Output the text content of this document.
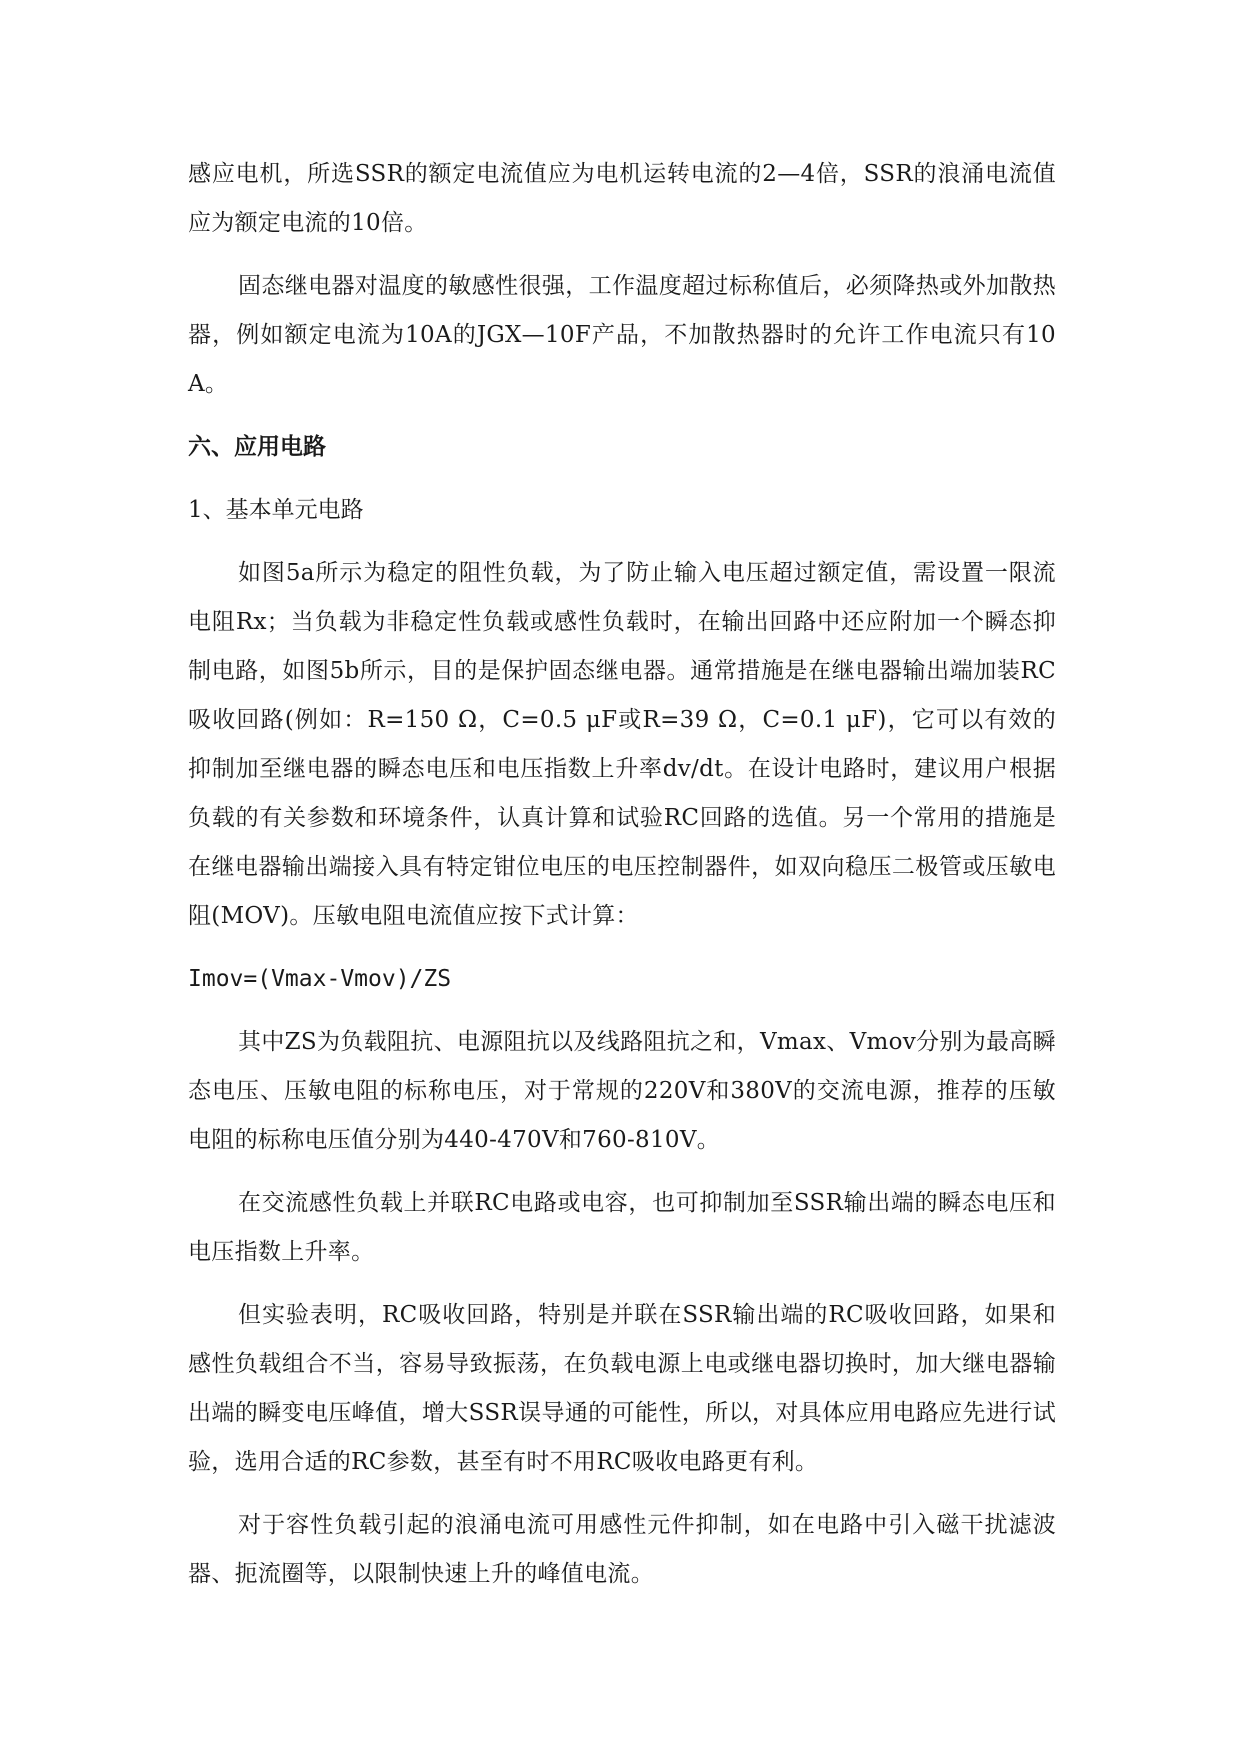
感应电机，所选SSR的额定电流值应为电机运转电流的2—4倍，SSR的浪涌电流值应为额定电流的10倍。

固态继电器对温度的敏感性很强，工作温度超过标称值后，必须降热或外加散热器，例如额定电流为10A的JGX—10F产品，不加散热器时的允许工作电流只有10A。

六、应用电路

1、基本单元电路

如图5a所示为稳定的阻性负载，为了防止输入电压超过额定值，需设置一限流电阻Rx；当负载为非稳定性负载或感性负载时，在输出回路中还应附加一个瞬态抑制电路，如图5b所示，目的是保护固态继电器。通常措施是在继电器输出端加装RC吸收回路(例如：R=150 Ω，C=0.5 μF或R=39 Ω，C=0.1 μF)，它可以有效的抑制加至继电器的瞬态电压和电压指数上升率dv/dt。在设计电路时，建议用户根据负载的有关参数和环境条件，认真计算和试验RC回路的选值。另一个常用的措施是在继电器输出端接入具有特定钳位电压的电压控制器件，如双向稳压二极管或压敏电阻(MOV)。压敏电阻电流值应按下式计算：

Imov=(Vmax-Vmov)/ZS

其中ZS为负载阻抗、电源阻抗以及线路阻抗之和，Vmax、Vmov分别为最高瞬态电压、压敏电阻的标称电压，对于常规的220V和380V的交流电源，推荐的压敏电阻的标称电压值分别为440-470V和760-810V。

在交流感性负载上并联RC电路或电容，也可抑制加至SSR输出端的瞬态电压和电压指数上升率。

但实验表明，RC吸收回路，特别是并联在SSR输出端的RC吸收回路，如果和感性负载组合不当，容易导致振荡，在负载电源上电或继电器切换时，加大继电器输出端的瞬变电压峰值，增大SSR误导通的可能性，所以，对具体应用电路应先进行试验，选用合适的RC参数，甚至有时不用RC吸收电路更有利。

对于容性负载引起的浪涌电流可用感性元件抑制，如在电路中引入磁干扰滤波器、扼流圈等，以限制快速上升的峰值电流。
